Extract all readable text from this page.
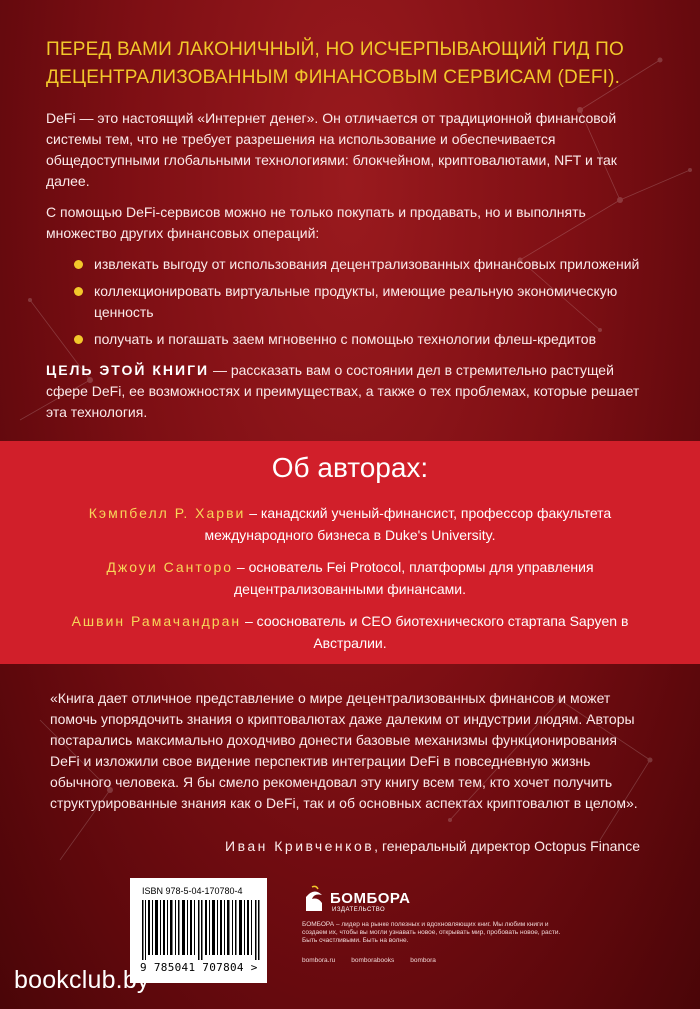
ПЕРЕД ВАМИ ЛАКОНИЧНЫЙ, НО ИСЧЕРПЫВАЮЩИЙ ГИД ПО ДЕЦЕНТРАЛИЗОВАННЫМ ФИНАНСОВЫМ СЕРВИСАМ (DEFI).

DeFi — это настоящий «Интернет денег». Он отличается от традиционной финансовой системы тем, что не требует разрешения на использование и обеспечивается общедоступными глобальными технологиями: блокчейном, криптовалютами, NFT и так далее.

С помощью DeFi-сервисов можно не только покупать и продавать, но и выполнять множество других финансовых операций:

извлекать выгоду от использования децентрализованных финансовых приложений
коллекционировать виртуальные продукты, имеющие реальную экономическую ценность
получать и погашать заем мгновенно с помощью технологии флеш-кредитов

ЦЕЛЬ ЭТОЙ КНИГИ — рассказать вам о состоянии дел в стремительно растущей сфере DeFi, ее возможностях и преимуществах, а также о тех проблемах, которые решает эта технология.

Об авторах:
Кэмпбелл Р. Харви – канадский ученый-финансист, профессор факультета международного бизнеса в Duke's University.
Джоуи Санторо – основатель Fei Protocol, платформы для управления децентрализованными финансами.
Ашвин Рамачандран – сооснователь и CEO биотехнического стартапа Sapyen в Австралии.
«Книга дает отличное представление о мире децентрализованных финансов и может помочь упорядочить знания о криптовалютах даже далеким от индустрии людям. Авторы постарались максимально доходчиво донести базовые механизмы функционирования DeFi и изложили свое видение перспектив интеграции DeFi в повседневную жизнь обычного человека. Я бы смело рекомендовал эту книгу всем тем, кто хочет получить структурированные знания как о DeFi, так и об основных аспектах криптовалют в целом».
Иван Кривченков, генеральный директор Octopus Finance
ISBN 978-5-04-170780-4
9 785041 707804 >
БОМБОРА
ИЗДАТЕЛЬСТВО
БОМБОРА – лидер на рынке полезных и вдохновляющих книг. Мы любим книги и создаем их, чтобы вы могли узнавать новое, открывать мир, пробовать новое, расти. Быть счастливыми. Быть на волне.
bombora.ru bomborabooks bombora
bookclub.by
